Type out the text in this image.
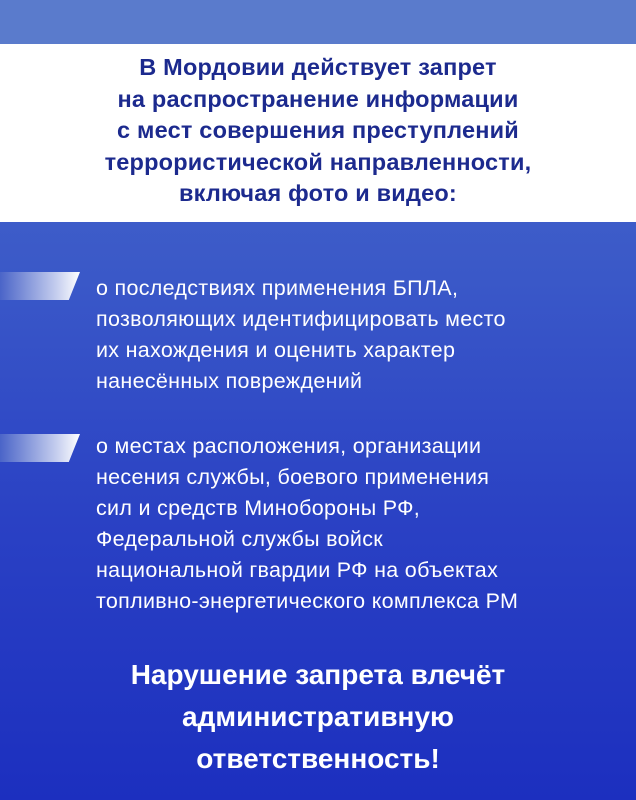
В Мордовии действует запрет
на распространение информации
с мест совершения преступлений
террористической направленности,
включая фото и видео:
о последствиях применения БПЛА,
позволяющих идентифицировать место
их нахождения и оценить характер
нанесённых повреждений
о местах расположения, организации
несения службы, боевого применения
сил и средств Минобороны РФ,
Федеральной службы войск
национальной гвардии РФ на объектах
топливно-энергетического комплекса РМ
Нарушение запрета влечёт
административную
ответственность!
